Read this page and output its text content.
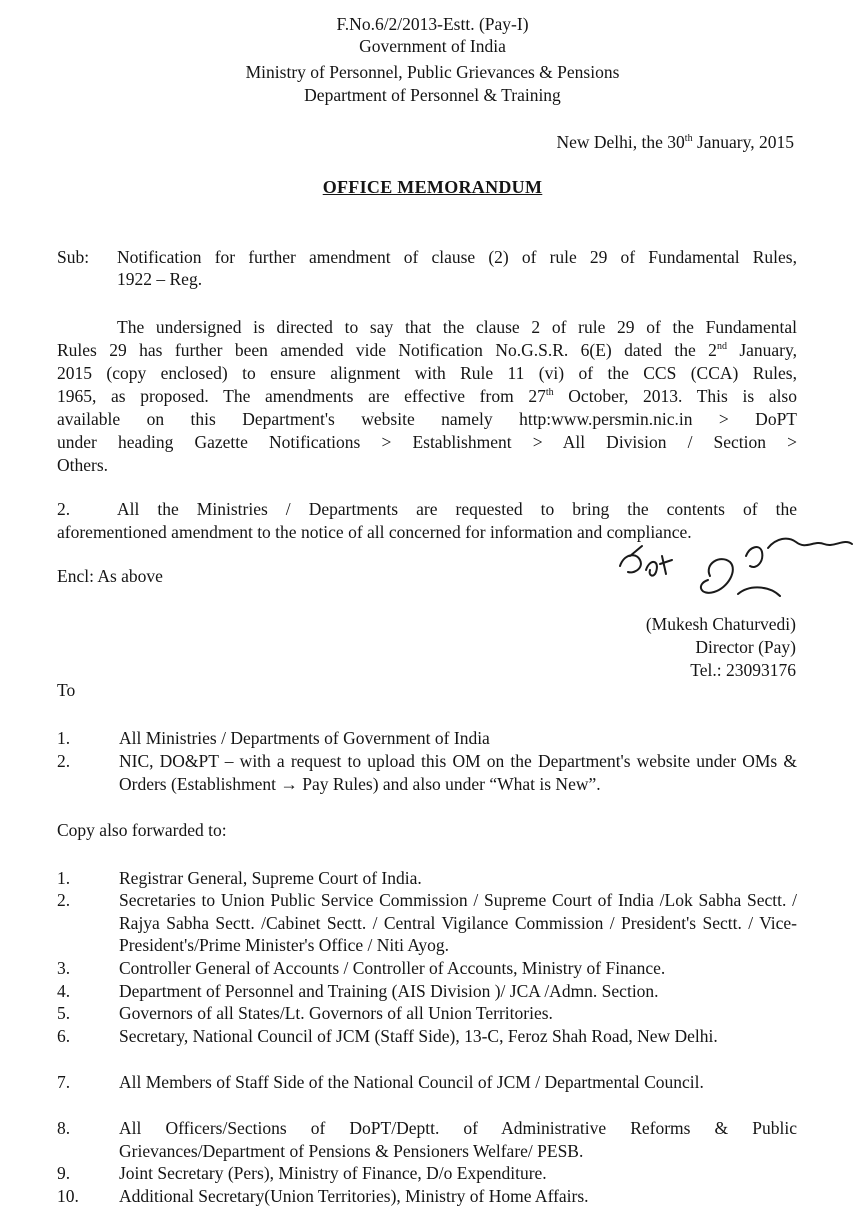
F.No.6/2/2013-Estt. (Pay-I)
Government of India
Ministry of Personnel, Public Grievances & Pensions
Department of Personnel & Training
New Delhi, the 30th January, 2015
OFFICE MEMORANDUM
Sub: Notification for further amendment of clause (2) of rule 29 of Fundamental Rules,
1922 – Reg.
The undersigned is directed to say that the clause 2 of rule 29 of the Fundamental
Rules 29 has further been amended vide Notification No.G.S.R. 6(E) dated the 2nd January,
2015 (copy enclosed) to ensure alignment with Rule 11 (vi) of the CCS (CCA) Rules,
1965, as proposed. The amendments are effective from 27th October, 2013. This is also
available on this Department's website namely http:www.persmin.nic.in > DoPT
under heading Gazette Notifications > Establishment > All Division / Section >
Others.
2.	All the Ministries / Departments are requested to bring the contents of the
aforementioned amendment to the notice of all concerned for information and compliance.
Encl: As above
(Mukesh Chaturvedi)
Director (Pay)
Tel.: 23093176
To
1.	All Ministries / Departments of Government of India
2.	NIC, DO&PT – with a request to upload this OM on the Department's website under OMs & Orders (Establishment → Pay Rules) and also under “What is New”.
Copy also forwarded to:
1.	Registrar General, Supreme Court of India.
2.	Secretaries to Union Public Service Commission / Supreme Court of India /Lok Sabha Sectt. / Rajya Sabha Sectt. /Cabinet Sectt. / Central Vigilance Commission / President's Sectt. / Vice-President's/Prime Minister's Office / Niti Ayog.
3.	Controller General of Accounts / Controller of Accounts, Ministry of Finance.
4.	Department of Personnel and Training (AIS Division )/ JCA /Admn. Section.
5.	Governors of all States/Lt. Governors of all Union Territories.
6.	Secretary, National Council of JCM (Staff Side), 13-C, Feroz Shah Road, New Delhi.
7.	All Members of Staff Side of the National Council of JCM / Departmental Council.
8.	All Officers/Sections of DoPT/Deptt. of Administrative Reforms & Public Grievances/Department of Pensions & Pensioners Welfare/ PESB.
9.	Joint Secretary (Pers), Ministry of Finance, D/o Expenditure.
10. Additional Secretary(Union Territories), Ministry of Home Affairs.
